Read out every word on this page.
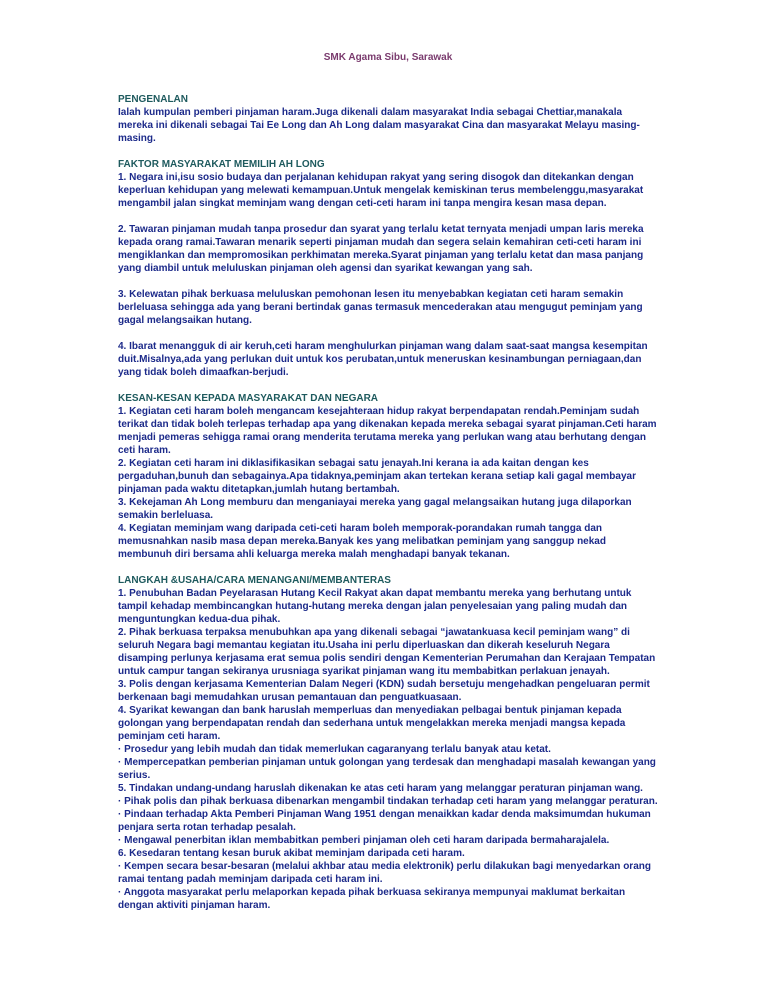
SMK Agama Sibu, Sarawak

PENGENALAN

Ialah kumpulan pemberi pinjaman haram.Juga dikenali dalam masyarakat India sebagai Chettiar,manakala mereka ini dikenali sebagai Tai Ee Long dan Ah Long dalam masyarakat Cina dan masyarakat Melayu masing-masing.

FAKTOR MASYARAKAT MEMILIH AH LONG

1. Negara ini,isu sosio budaya dan perjalanan kehidupan rakyat yang sering disogok dan ditekankan dengan keperluan kehidupan yang melewati kemampuan.Untuk mengelak kemiskinan terus membelenggu,masyarakat mengambil jalan singkat meminjam wang dengan ceti-ceti haram ini tanpa mengira kesan masa depan.

2. Tawaran pinjaman mudah tanpa prosedur dan syarat yang terlalu ketat ternyata menjadi umpan laris mereka kepada orang ramai.Tawaran menarik seperti pinjaman mudah dan segera selain kemahiran ceti-ceti haram ini mengiklankan dan mempromosikan perkhimatan mereka.Syarat pinjaman yang terlalu ketat dan masa panjang yang diambil untuk meluluskan pinjaman oleh agensi dan syarikat kewangan yang sah.

3. Kelewatan pihak berkuasa meluluskan pemohonan lesen itu menyebabkan kegiatan ceti haram semakin berleluasa sehingga ada yang berani bertindak ganas termasuk mencederakan atau mengugut peminjam yang gagal melangsaikan hutang.

4. Ibarat menangguk di air keruh,ceti haram menghulurkan pinjaman wang dalam saat-saat mangsa kesempitan duit.Misalnya,ada yang perlukan duit untuk kos perubatan,untuk meneruskan kesinambungan perniagaan,dan yang tidak boleh dimaafkan-berjudi.

KESAN-KESAN KEPADA MASYARAKAT DAN NEGARA

1. Kegiatan ceti haram boleh mengancam kesejahteraan hidup rakyat berpendapatan rendah.Peminjam sudah terikat dan tidak boleh terlepas terhadap apa yang dikenakan kepada mereka sebagai syarat pinjaman.Ceti haram menjadi pemeras sehigga ramai orang menderita terutama mereka yang perlukan wang atau berhutang dengan ceti haram.

2. Kegiatan ceti haram ini diklasifikasikan sebagai satu jenayah.Ini kerana ia ada kaitan dengan kes pergaduhan,bunuh dan sebagainya.Apa tidaknya,peminjam akan tertekan kerana setiap kali gagal membayar pinjaman pada waktu ditetapkan,jumlah hutang bertambah.

3. Kekejaman Ah Long memburu dan menganiayai mereka yang gagal melangsaikan hutang juga dilaporkan semakin berleluasa.

4. Kegiatan meminjam wang daripada ceti-ceti haram boleh memporak-porandakan rumah tangga dan memusnahkan nasib masa depan mereka.Banyak kes yang melibatkan peminjam yang sanggup nekad membunuh diri bersama ahli keluarga mereka malah menghadapi banyak tekanan.

LANGKAH &USAHA/CARA MENANGANI/MEMBANTERAS

1. Penubuhan Badan Peyelarasan Hutang Kecil Rakyat akan dapat membantu mereka yang berhutang untuk tampil kehadap membincangkan hutang-hutang mereka dengan jalan penyelesaian yang paling mudah dan menguntungkan kedua-dua pihak.

2. Pihak berkuasa terpaksa menubuhkan apa yang dikenali sebagai “jawatankuasa kecil peminjam wang” di seluruh Negara bagi memantau kegiatan itu.Usaha ini perlu diperluaskan dan dikerah keseluruh Negara disamping perlunya kerjasama erat semua polis sendiri dengan Kementerian Perumahan dan Kerajaan Tempatan untuk campur tangan sekiranya urusniaga syarikat pinjaman wang itu membabitkan perlakuan jenayah.

3. Polis dengan kerjasama Kementerian Dalam Negeri (KDN) sudah bersetuju mengehadkan pengeluaran permit berkenaan bagi memudahkan urusan pemantauan dan penguatkuasaan.

4. Syarikat kewangan dan bank haruslah memperluas dan menyediakan pelbagai bentuk pinjaman kepada golongan yang berpendapatan rendah dan sederhana untuk mengelakkan mereka menjadi mangsa kepada peminjam ceti haram.

· Prosedur yang lebih mudah dan tidak memerlukan cagaranyang terlalu banyak atau ketat.

· Mempercepatkan pemberian pinjaman untuk golongan yang terdesak dan menghadapi masalah kewangan yang serius.

5. Tindakan undang-undang haruslah dikenakan ke atas ceti haram yang melanggar peraturan pinjaman wang.

· Pihak polis dan pihak berkuasa dibenarkan mengambil tindakan terhadap ceti haram yang melanggar peraturan.

· Pindaan terhadap Akta Pemberi Pinjaman Wang 1951 dengan menaikkan kadar denda maksimumdan hukuman penjara serta rotan terhadap pesalah.

· Mengawal penerbitan iklan membabitkan pemberi pinjaman oleh ceti haram daripada bermaharajalela.

6. Kesedaran tentang kesan buruk akibat meminjam daripada ceti haram.

· Kempen secara besar-besaran (melalui akhbar atau media elektronik) perlu dilakukan bagi menyedarkan orang ramai tentang padah meminjam daripada ceti haram ini.

· Anggota masyarakat perlu melaporkan kepada pihak berkuasa sekiranya mempunyai maklumat berkaitan dengan aktiviti pinjaman haram.
